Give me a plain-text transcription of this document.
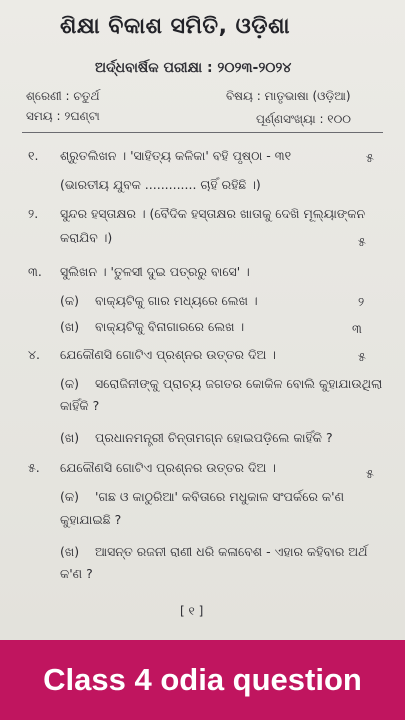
ଶିକ୍ଷା ବିକାଶ ସମିତି, ଓଡ଼ିଶା
ଅର୍ଦ୍ଧବାର୍ଷିକ ପରୀକ୍ଷା : ୨୦୨୩-୨୦୨୪
ଶ୍ରେଣୀ : ଚତୁର୍ଥ	ବିଷୟ : ମାତୃଭାଷା (ଓଡ଼ିଆ)
ସମୟ : ୨ଘଣ୍ଟା	ପୂର୍ଣ୍ଣସଂଖ୍ୟା : ୧୦୦
୧. ଶ୍ରୁତଲିଖନ । 'ସାହିତ୍ୟ କଳିକା' ବହି ପୃଷ୍ଠା - ୩୧	୫
(ଭାରତୀୟ ଯୁବକ ............. ଚାହିଁ ରହିଛି ।)
୨. ସୁନ୍ଦର ହସ୍ତାକ୍ଷର । (ବୈଦିକ ହସ୍ତାକ୍ଷର ଖାତାକୁ ଦେଖି ମୂଲ୍ୟାଙ୍କନ
କରାଯିବ ।)	୫
୩. ସୁଲିଖନ । 'ତୁଳସୀ ଦୁଇ ପତ୍ରରୁ ବାସେ' ।
(କ) ବାକ୍ୟଟିକୁ ଗାର ମଧ୍ୟରେ ଲେଖ ।	୨
(ଖ) ବାକ୍ୟଟିକୁ ବିନାଗାରରେ ଲେଖ ।	୩
୪. ଯେକୌଣସି ଗୋଟିଏ ପ୍ରଶ୍ନର ଉତ୍ତର ଦିଅ ।	୫
(କ) ସରୋଜିନୀଙ୍କୁ ପ୍ରାଚ୍ୟ ଜଗତର କୋକିଳ ବୋଲି କୁହାଯାଉଥିଲା
କାହିଁକି ?
(ଖ) ପ୍ରଧାନମନ୍ତ୍ରୀ ଚିନ୍ତାମଗ୍ନ ହୋଇପଡ଼ିଲେ କାହିଁକି ?
୫. ଯେକୌଣସି ଗୋଟିଏ ପ୍ରଶ୍ନର ଉତ୍ତର ଦିଅ ।	୫
(କ) 'ଗଛ ଓ କାଠୁରିଆ' କବିତାରେ ମଧୁକାଳ ସଂପର୍କରେ କ'ଣ
କୁହାଯାଇଛି ?
(ଖ) ଆସନ୍ତ ରଜନୀ ରାଣୀ ଧରି କଳାବେଶ - ଏହାର କହିବାର ଅର୍ଥ
କ'ଣ ?
[ ୧ ]
Class 4 odia question
